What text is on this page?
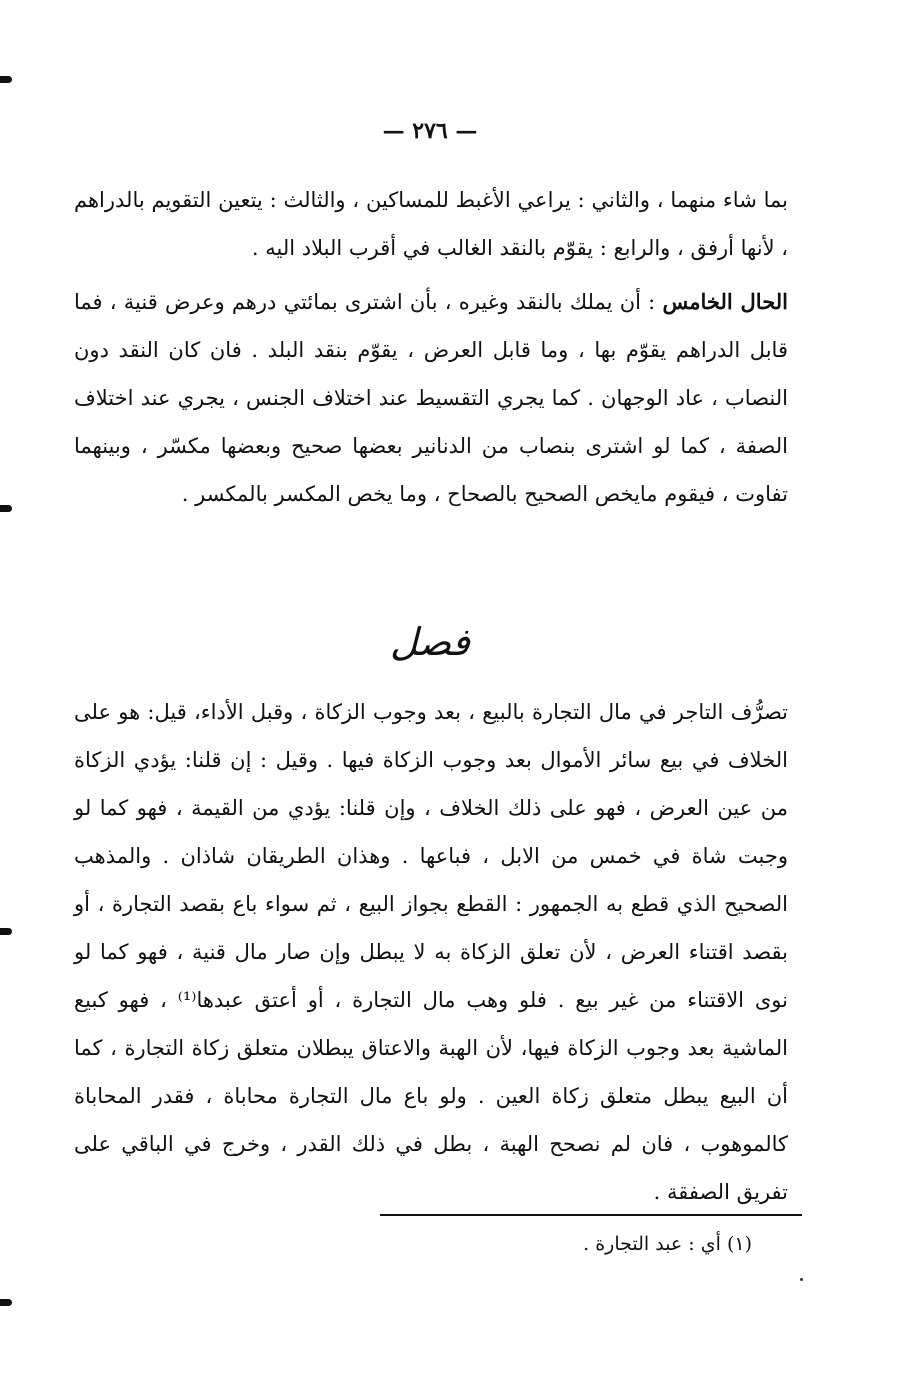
— ٢٧٦ —

بما شاء منهما ، والثاني : يراعي الأغبط للمساكين ، والثالث : يتعين التقويم بالدراهم ، لأنها أرفق ، والرابع : يقوّم بالنقد الغالب في أقرب البلاد اليه .

الحال الخامس : أن يملك بالنقد وغيره ، بأن اشترى بمائتي درهم وعرض قنية ، فما قابل الدراهم يقوّم بها ، وما قابل العرض ، يقوّم بنقد البلد . فان كان النقد دون النصاب ، عاد الوجهان . كما يجري التقسيط عند اختلاف الجنس ، يجري عند اختلاف الصفة ، كما لو اشترى بنصاب من الدنانير بعضها صحيح وبعضها مكسّر ، وبينهما تفاوت ، فيقوم مايخص الصحيح بالصحاح ، وما يخص المكسر بالمكسر .

فصل

تصرُّف التاجر في مال التجارة بالبيع ، بعد وجوب الزكاة ، وقبل الأداء، قيل: هو على الخلاف في بيع سائر الأموال بعد وجوب الزكاة فيها . وقيل : إن قلنا: يؤدي الزكاة من عين العرض ، فهو على ذلك الخلاف ، وإن قلنا: يؤدي من القيمة ، فهو كما لو وجبت شاة في خمس من الابل ، فباعها . وهذان الطريقان شاذان . والمذهب الصحيح الذي قطع به الجمهور : القطع بجواز البيع ، ثم سواء باع بقصد التجارة ، أو بقصد اقتناء العرض ، لأن تعلق الزكاة به لا يبطل وإن صار مال قنية ، فهو كما لو نوى الاقتناء من غير بيع . فلو وهب مال التجارة ، أو أعتق عبدها⁽¹⁾ ، فهو كبيع الماشية بعد وجوب الزكاة فيها، لأن الهبة والاعتاق يبطلان متعلق زكاة التجارة ، كما أن البيع يبطل متعلق زكاة العين . ولو باع مال التجارة محاباة ، فقدر المحاباة كالموهوب ، فان لم نصحح الهبة ، بطل في ذلك القدر ، وخرج في الباقي على تفريق الصفقة .

(١) أي : عبد التجارة .
